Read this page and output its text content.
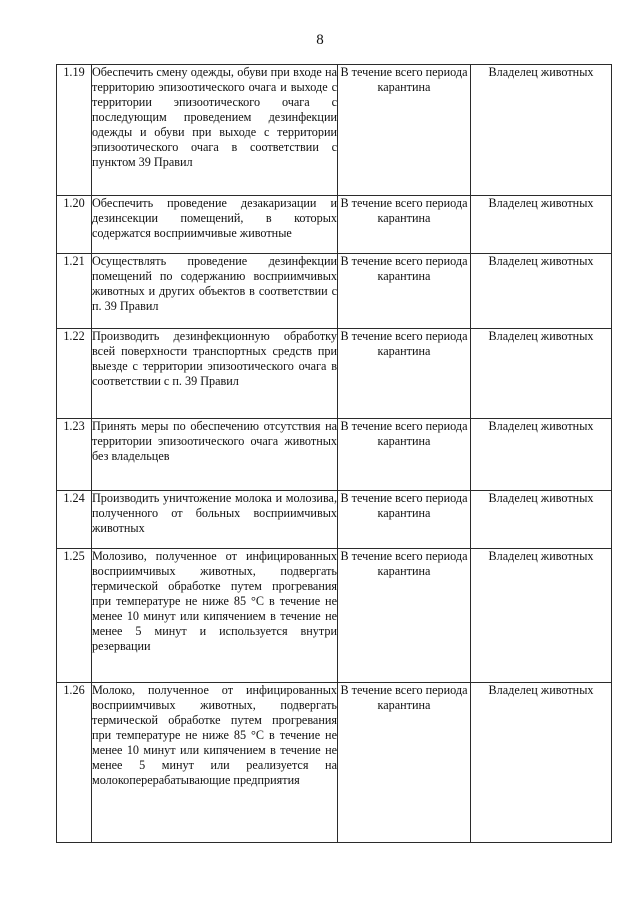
8
1.19	Обеспечить смену одежды, обуви при входе на территорию эпизоотического очага и выходе с территории эпизоотического очага с последующим проведением дезинфекции одежды и обуви при выходе с территории эпизоотического очага в соответствии с пунктом 39 Правил	В течение всего периода карантина	Владелец животных
1.20	Обеспечить проведение дезакаризации и дезинсекции помещений, в которых содержатся восприимчивые животные	В течение всего периода карантина	Владелец животных
1.21	Осуществлять проведение дезинфекции помещений по содержанию восприимчивых животных и других объектов в соответствии с п. 39 Правил	В течение всего периода карантина	Владелец животных
1.22	Производить дезинфекционную обработку всей поверхности транспортных средств при выезде с территории эпизоотического очага в соответствии с п. 39 Правил	В течение всего периода карантина	Владелец животных
1.23	Принять меры по обеспечению отсутствия на территории эпизоотического очага животных без владельцев	В течение всего периода карантина	Владелец животных
1.24	Производить уничтожение молока и молозива, полученного от больных восприимчивых животных	В течение всего периода карантина	Владелец животных
1.25	Молозиво, полученное от инфицированных восприимчивых животных, подвергать термической обработке путем прогревания при температуре не ниже 85 °С в течение не менее 10 минут или кипячением в течение не менее 5 минут и используется внутри резервации	В течение всего периода карантина	Владелец животных
1.26	Молоко, полученное от инфицированных восприимчивых животных, подвергать термической обработке путем прогревания при температуре не ниже 85 °С в течение не менее 10 минут или кипячением в течение не менее 5 минут или реализуется на молокоперерабатывающие предприятия	В течение всего периода карантина	Владелец животных
